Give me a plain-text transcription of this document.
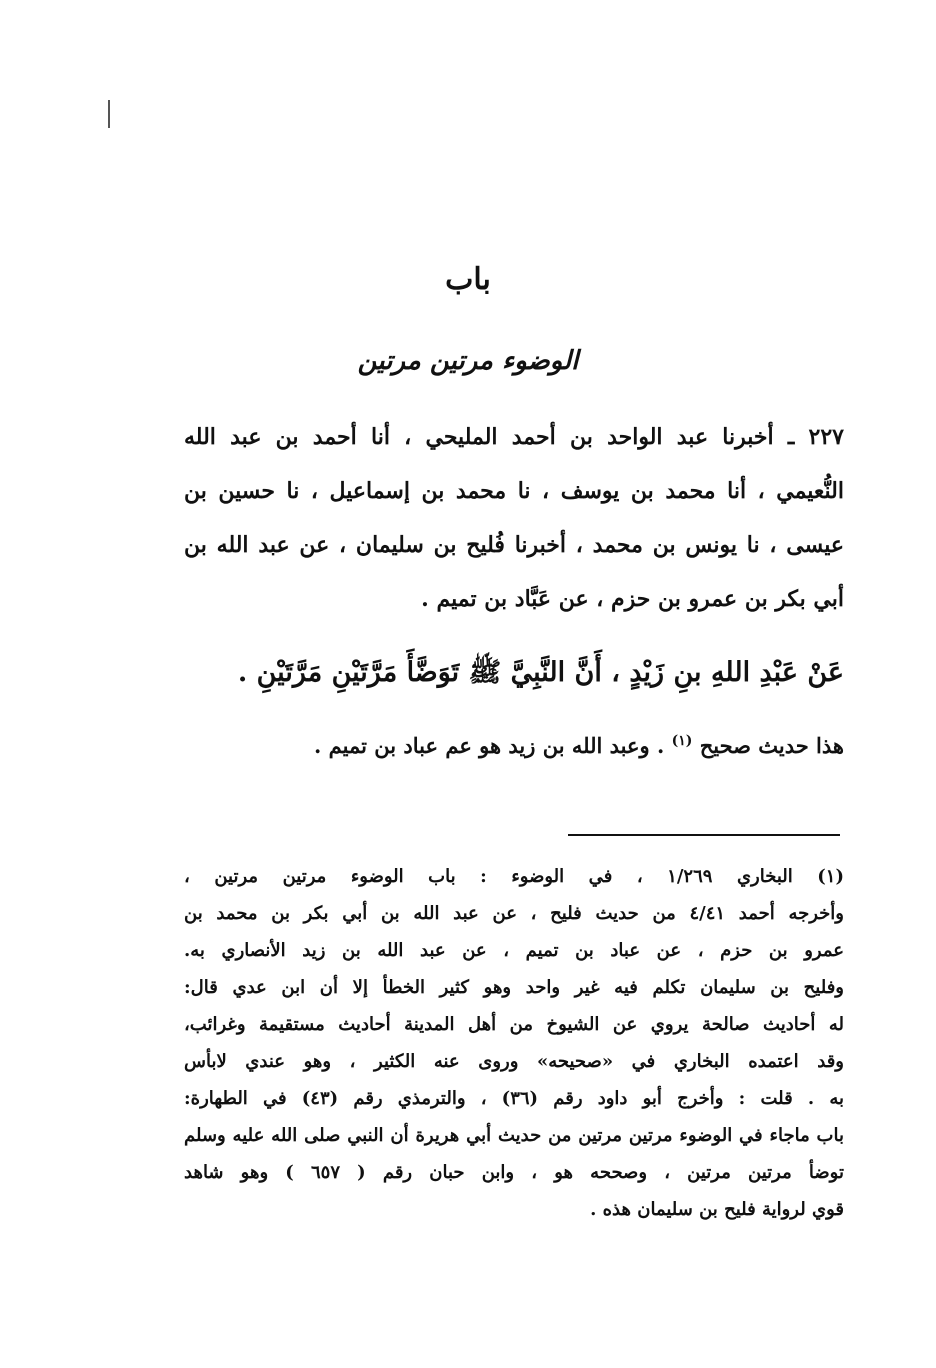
باب
الوضوء مرتين مرتين
٢٢٧ ـ أخبرنا عبد الواحد بن أحمد المليحي ، أنا أحمد بن عبد الله
النُّعيمي ، أنا محمد بن يوسف ، نا محمد بن إسماعيل ، نا حسين بن
عيسى ، نا يونس بن محمد ، أخبرنا فُليح بن سليمان ، عن عبد الله بن
أبي بكر بن عمرو بن حزم ، عن عَبَّاد بن تميم .
عَنْ عَبْدِ اللهِ بنِ زَيْدٍ ، أَنَّ النَّبِيَّ ﷺ تَوَضَّأَ مَرَّتَيْنِ مَرَّتَيْنِ .
هذا حديث صحيح $^{(١)}$ . وعبد الله بن زيد هو عم عباد بن تميم .
(١) البخاري ١/٢٦٩ ، في الوضوء : باب الوضوء مرتين مرتين ،
وأخرجه أحمد ٤/٤١ من حديث فليح ، عن عبد الله بن أبي بكر بن محمد بن
عمرو بن حزم ، عن عباد بن تميم ، عن عبد الله بن زيد الأنصاري به.
وفليح بن سليمان تكلم فيه غير واحد وهو كثير الخطأ إلا أن ابن عدي قال:
له أحاديث صالحة يروي عن الشيوخ من أهل المدينة أحاديث مستقيمة وغرائب،
وقد اعتمده البخاري في «صحيحه» وروى عنه الكثير ، وهو عندي لابأس
به . قلت : وأخرج أبو داود رقم (٣٦) ، والترمذي رقم (٤٣) في الطهارة:
باب ماجاء في الوضوء مرتين مرتين من حديث أبي هريرة أن النبي صلى الله عليه وسلم
توضأ مرتين مرتين ، وصححه هو ، وابن حبان رقم ( ٦٥٧ ) وهو شاهد
قوي لرواية فليح بن سليمان هذه .
